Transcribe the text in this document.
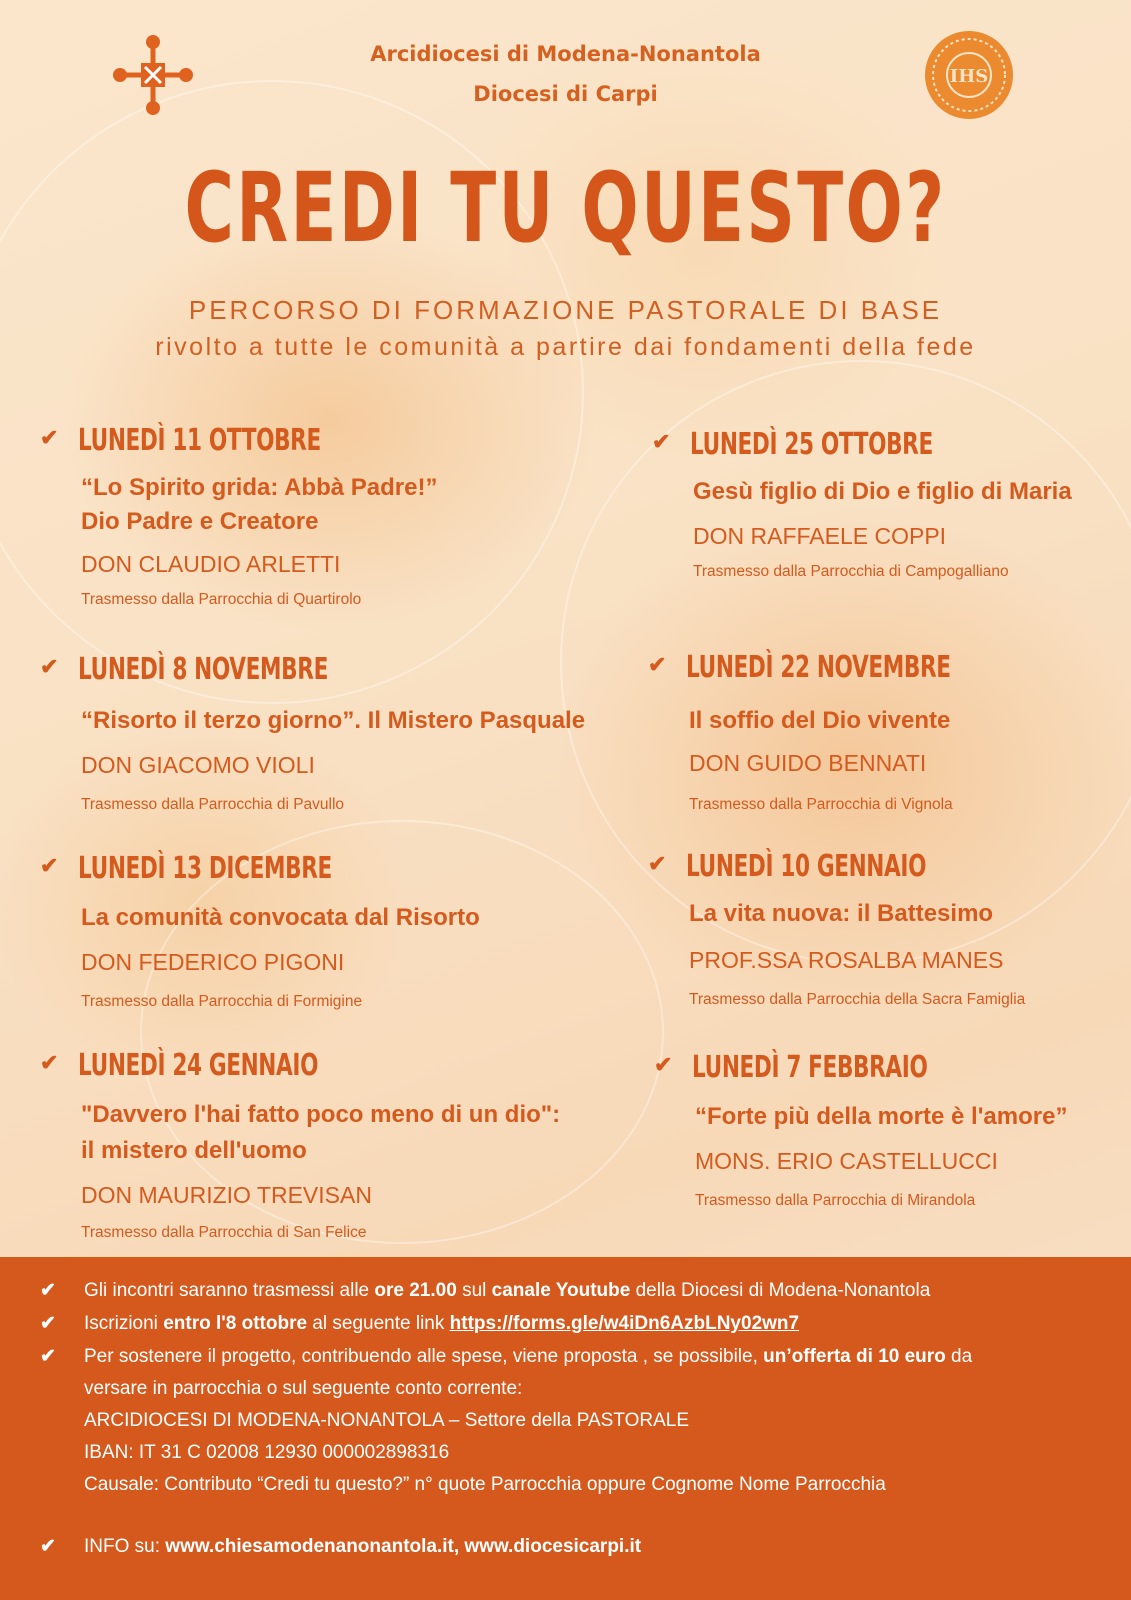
IHS
Arcidiocesi di Modena-Nonantola
Diocesi di Carpi
CREDI TU QUESTO?
PERCORSO DI FORMAZIONE PASTORALE DI BASE
rivolto a tutte le comunità a partire dai fondamenti della fede
✔ LUNEDÌ 11 OTTOBRE
“Lo Spirito grida: Abbà Padre!”
Dio Padre e Creatore
DON CLAUDIO ARLETTI
Trasmesso dalla Parrocchia di Quartirolo
✔ LUNEDÌ 25 OTTOBRE
Gesù figlio di Dio e figlio di Maria
DON RAFFAELE COPPI
Trasmesso dalla Parrocchia di Campogalliano
✔ LUNEDÌ 8 NOVEMBRE
“Risorto il terzo giorno”. Il Mistero Pasquale
DON GIACOMO VIOLI
Trasmesso dalla Parrocchia di Pavullo
✔ LUNEDÌ 22 NOVEMBRE
Il soffio del Dio vivente
DON GUIDO BENNATI
Trasmesso dalla Parrocchia di Vignola
✔ LUNEDÌ 13 DICEMBRE
La comunità convocata dal Risorto
DON FEDERICO PIGONI
Trasmesso dalla Parrocchia di Formigine
✔ LUNEDÌ 10 GENNAIO
La vita nuova: il Battesimo
PROF.SSA ROSALBA MANES
Trasmesso dalla Parrocchia della Sacra Famiglia
✔ LUNEDÌ 24 GENNAIO
"Davvero l'hai fatto poco meno di un dio":
il mistero dell'uomo
DON MAURIZIO TREVISAN
Trasmesso dalla Parrocchia di San Felice
✔ LUNEDÌ 7 FEBBRAIO
“Forte più della morte è l'amore”
MONS. ERIO CASTELLUCCI
Trasmesso dalla Parrocchia di Mirandola
✔ Gli incontri saranno trasmessi alle ore 21.00 sul canale Youtube della Diocesi di Modena-Nonantola
✔ Iscrizioni entro l'8 ottobre al seguente link https://forms.gle/w4iDn6AzbLNy02wn7
✔ Per sostenere il progetto, contribuendo alle spese, viene proposta , se possibile, un’offerta di 10 euro da
versare in parrocchia o sul seguente conto corrente:
ARCIDIOCESI DI MODENA-NONANTOLA – Settore della PASTORALE
IBAN: IT 31 C 02008 12930 000002898316
Causale: Contributo “Credi tu questo?” n° quote Parrocchia oppure Cognome Nome Parrocchia
✔ INFO su: www.chiesamodenanonantola.it, www.diocesicarpi.it
